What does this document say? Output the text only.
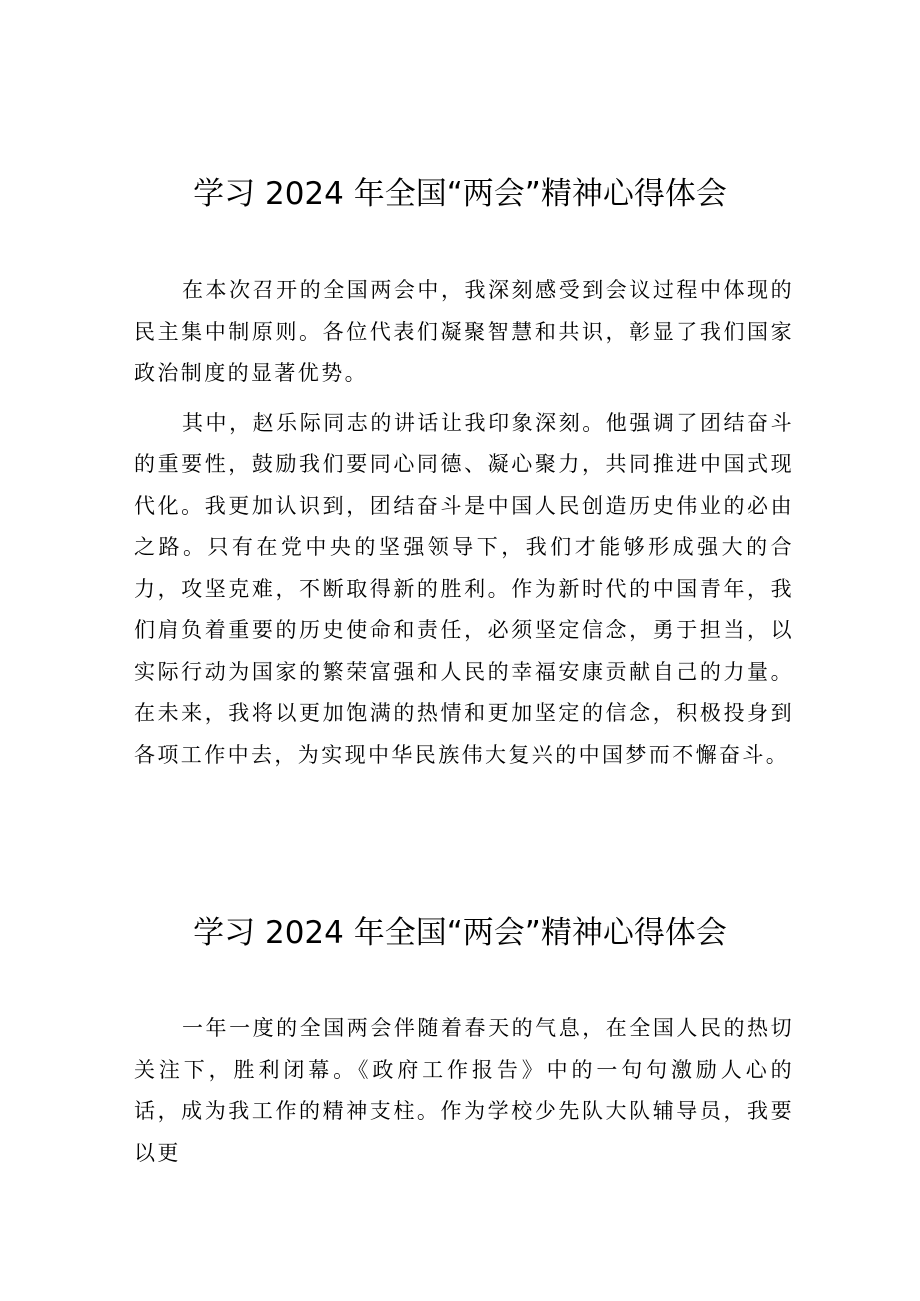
学习 2024 年全国“两会”精神心得体会

在本次召开的全国两会中，我深刻感受到会议过程中体现的民主集中制原则。各位代表们凝聚智慧和共识，彰显了我们国家政治制度的显著优势。

其中，赵乐际同志的讲话让我印象深刻。他强调了团结奋斗的重要性，鼓励我们要同心同德、凝心聚力，共同推进中国式现代化。我更加认识到，团结奋斗是中国人民创造历史伟业的必由之路。只有在党中央的坚强领导下，我们才能够形成强大的合力，攻坚克难，不断取得新的胜利。作为新时代的中国青年，我们肩负着重要的历史使命和责任，必须坚定信念，勇于担当，以实际行动为国家的繁荣富强和人民的幸福安康贡献自己的力量。在未来，我将以更加饱满的热情和更加坚定的信念，积极投身到各项工作中去，为实现中华民族伟大复兴的中国梦而不懈奋斗。

学习 2024 年全国“两会”精神心得体会

一年一度的全国两会伴随着春天的气息，在全国人民的热切关注下，胜利闭幕。《政府工作报告》中的一句句激励人心的话，成为我工作的精神支柱。作为学校少先队大队辅导员，我要以更
